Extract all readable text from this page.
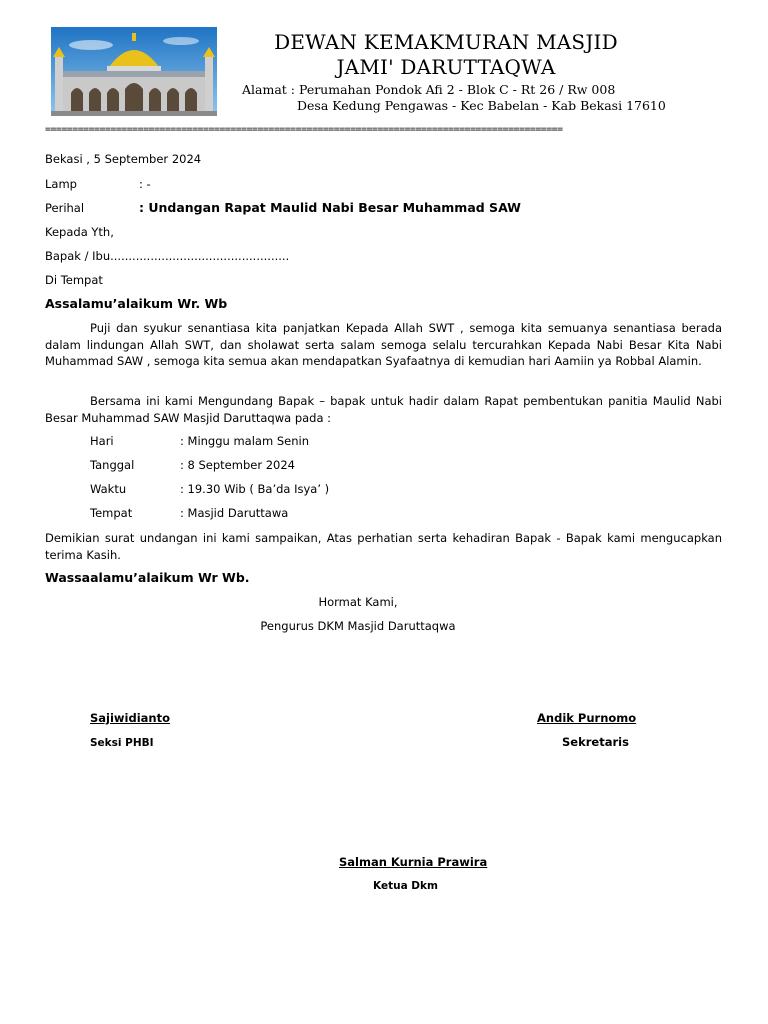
DEWAN KEMAKMURAN MASJID
JAMI' DARUTTAQWA
Alamat : Perumahan Pondok Afi 2 - Blok C - Rt 26 / Rw 008
Desa Kedung Pengawas - Kec Babelan - Kab Bekasi 17610
===============================================================================================
Bekasi , 5 September 2024
Lamp	: -
Perihal	: Undangan Rapat Maulid Nabi Besar Muhammad SAW
Kepada Yth,
Bapak / Ibu.................................................
Di Tempat
Assalamu’alaikum Wr. Wb
Puji dan syukur senantiasa kita panjatkan Kepada Allah SWT , semoga kita semuanya senantiasa berada dalam lindungan Allah SWT, dan sholawat serta salam semoga selalu tercurahkan Kepada Nabi Besar Kita Nabi Muhammad SAW , semoga kita semua akan mendapatkan Syafaatnya di kemudian hari Aamiin ya Robbal Alamin.
Bersama ini kami Mengundang Bapak – bapak untuk hadir dalam Rapat pembentukan panitia Maulid Nabi Besar Muhammad SAW Masjid Daruttaqwa pada :
Hari	: Minggu malam Senin
Tanggal	: 8 September 2024
Waktu	: 19.30 Wib ( Ba’da Isya’ )
Tempat	: Masjid Daruttawa
Demikian surat undangan ini kami sampaikan, Atas perhatian serta kehadiran Bapak - Bapak kami mengucapkan terima Kasih.
Wassaalamu’alaikum Wr Wb.
Hormat Kami,
Pengurus DKM Masjid Daruttaqwa
Sajiwidianto
Seksi PHBI
Andik Purnomo
Sekretaris
Salman Kurnia Prawira
Ketua Dkm
